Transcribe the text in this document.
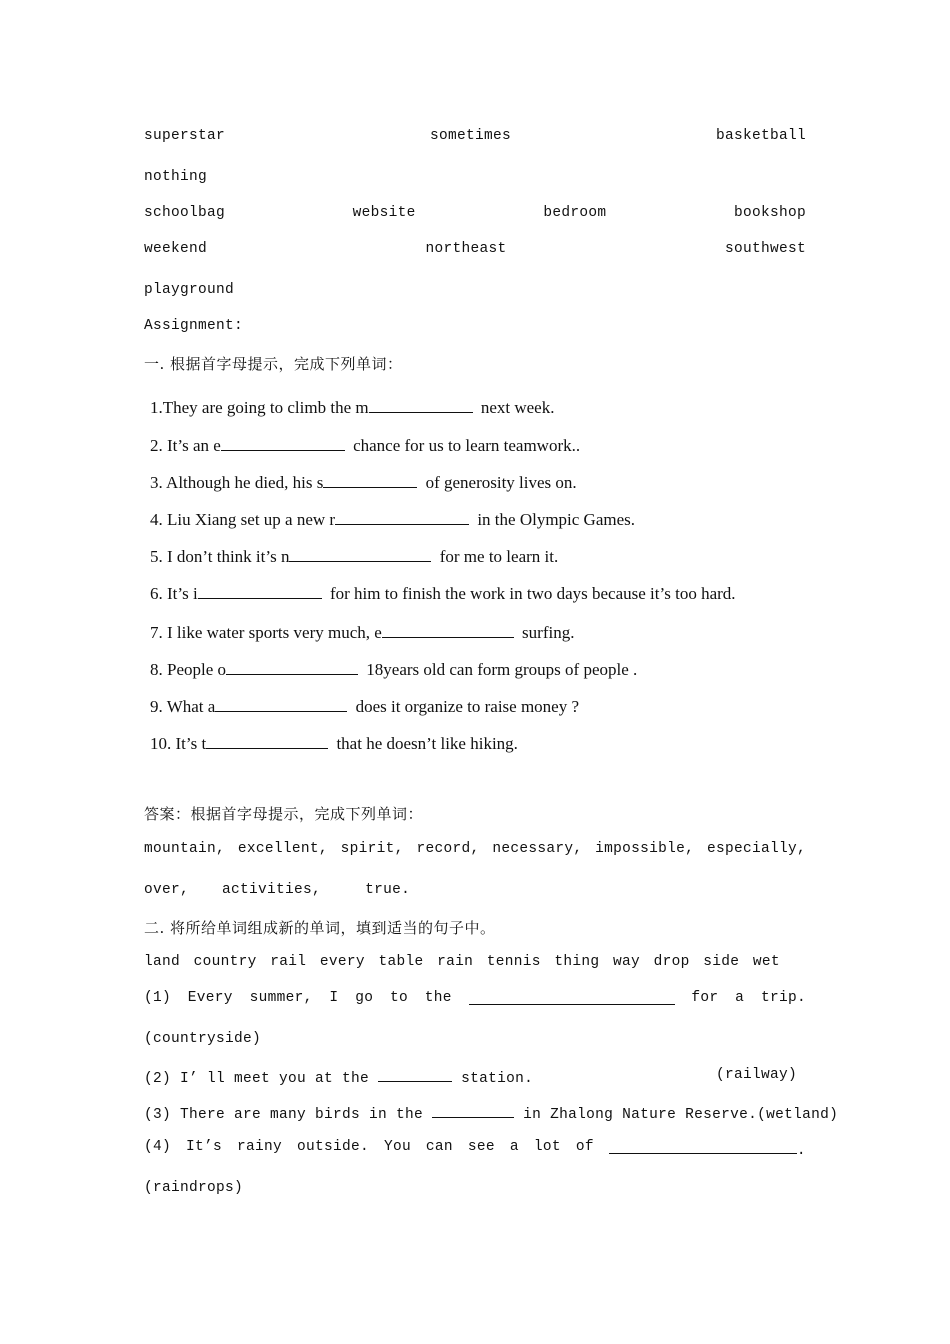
superstar	sometimes	basketball
nothing
schoolbag	website	bedroom	bookshop
weekend	northeast	southwest
playground
Assignment:
一. 根据首字母提示，完成下列单词：
1.They are going to climb the m	next week.
2. It’s an e	chance for us to learn teamwork..
3. Although he died, his s	of generosity lives on.
4. Liu Xiang set up a new r	in the Olympic Games.
5. I don’t think it’s n	for me to learn it.
6. It’s i	for him to finish the work in two days because it’s too hard.
7. I like water sports very much, e	surfing.
8. People o	18years old can form groups of people .
9. What a	does it organize to raise money ?
10. It’s t	that he doesn’t like hiking.
答案：根据首字母提示，完成下列单词：
mountain, excellent, spirit, record, necessary, impossible, especially,
over, activities,	true.
二. 将所给单词组成新的单词，填到适当的句子中。
land country rail every table rain tennis thing way drop side wet
(1) Every summer, I go to the	for a trip.
(countryside)
(2) I’ ll meet you at the	station.	(railway)
(3) There are many birds in the	in Zhalong Nature Reserve.(wetland)
(4) It’s rainy outside. You can see a lot of	.
(raindrops)
